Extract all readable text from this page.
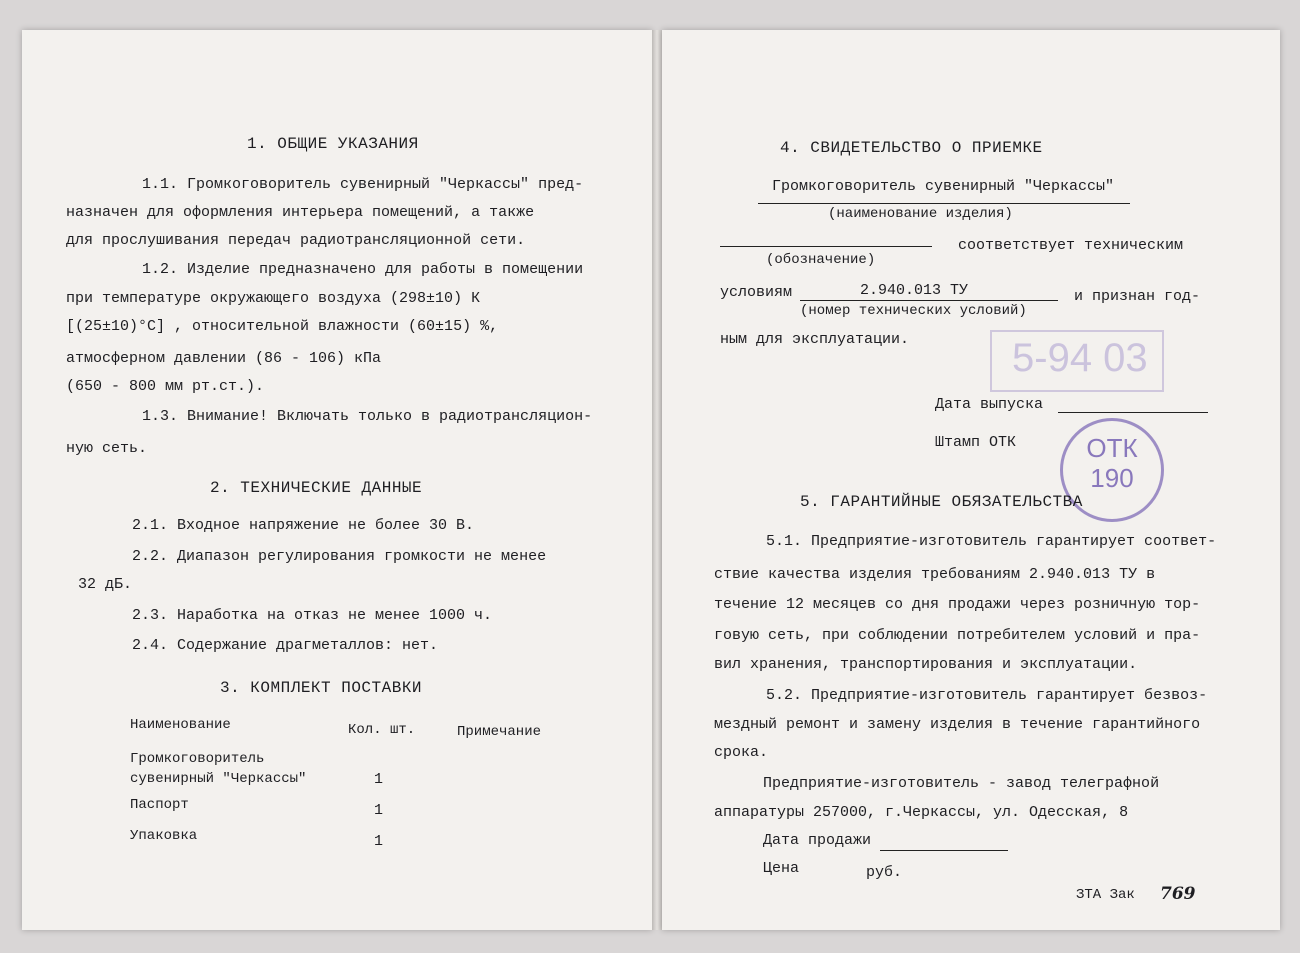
1. ОБЩИЕ УКАЗАНИЯ
1.1. Громкоговоритель сувенирный "Черкассы" пред-
назначен для оформления интерьера помещений, а также
для прослушивания передач радиотрансляционной сети.
1.2. Изделие предназначено для работы в помещении
при температуре окружающего воздуха (298±10) К
[(25±10)°С] , относительной влажности (60±15) %,
атмосферном давлении (86 - 106) кПа
(650 - 800 мм рт.ст.).
1.3. Внимание! Включать только в радиотрансляцион-
ную сеть.
2. ТЕХНИЧЕСКИЕ ДАННЫЕ
2.1. Входное напряжение не более 30 В.
2.2. Диапазон регулирования громкости не менее
32 дБ.
2.3. Наработка на отказ не менее 1000 ч.
2.4. Содержание драгметаллов: нет.
3. КОМПЛЕКТ ПОСТАВКИ
Наименование	Кол. шт.	Примечание
Громкоговоритель
сувенирный "Черкассы"	1
Паспорт	1
Упаковка	1
4. СВИДЕТЕЛЬСТВО О ПРИЕМКЕ
Громкоговоритель сувенирный "Черкассы"
(наименование изделия)
соответствует техническим
(обозначение)
условиям	2.940.013 ТУ	и признан год-
(номер технических условий)
ным для эксплуатации.	5-94 03
Дата выпуска
Штамп ОТК	ОТК
190
5. ГАРАНТИЙНЫЕ ОБЯЗАТЕЛЬСТВА
5.1. Предприятие-изготовитель гарантирует соответ-
ствие качества изделия требованиям 2.940.013 ТУ в
течение 12 месяцев со дня продажи через розничную тор-
говую сеть, при соблюдении потребителем условий и пра-
вил хранения, транспортирования и эксплуатации.
5.2. Предприятие-изготовитель гарантирует безвоз-
мездный ремонт и замену изделия в течение гарантийного
срока.
Предприятие-изготовитель - завод телеграфной
аппаратуры 257000, г.Черкассы, ул. Одесская, 8
Дата продажи
Цена	руб.
ЗТА Зак 769
